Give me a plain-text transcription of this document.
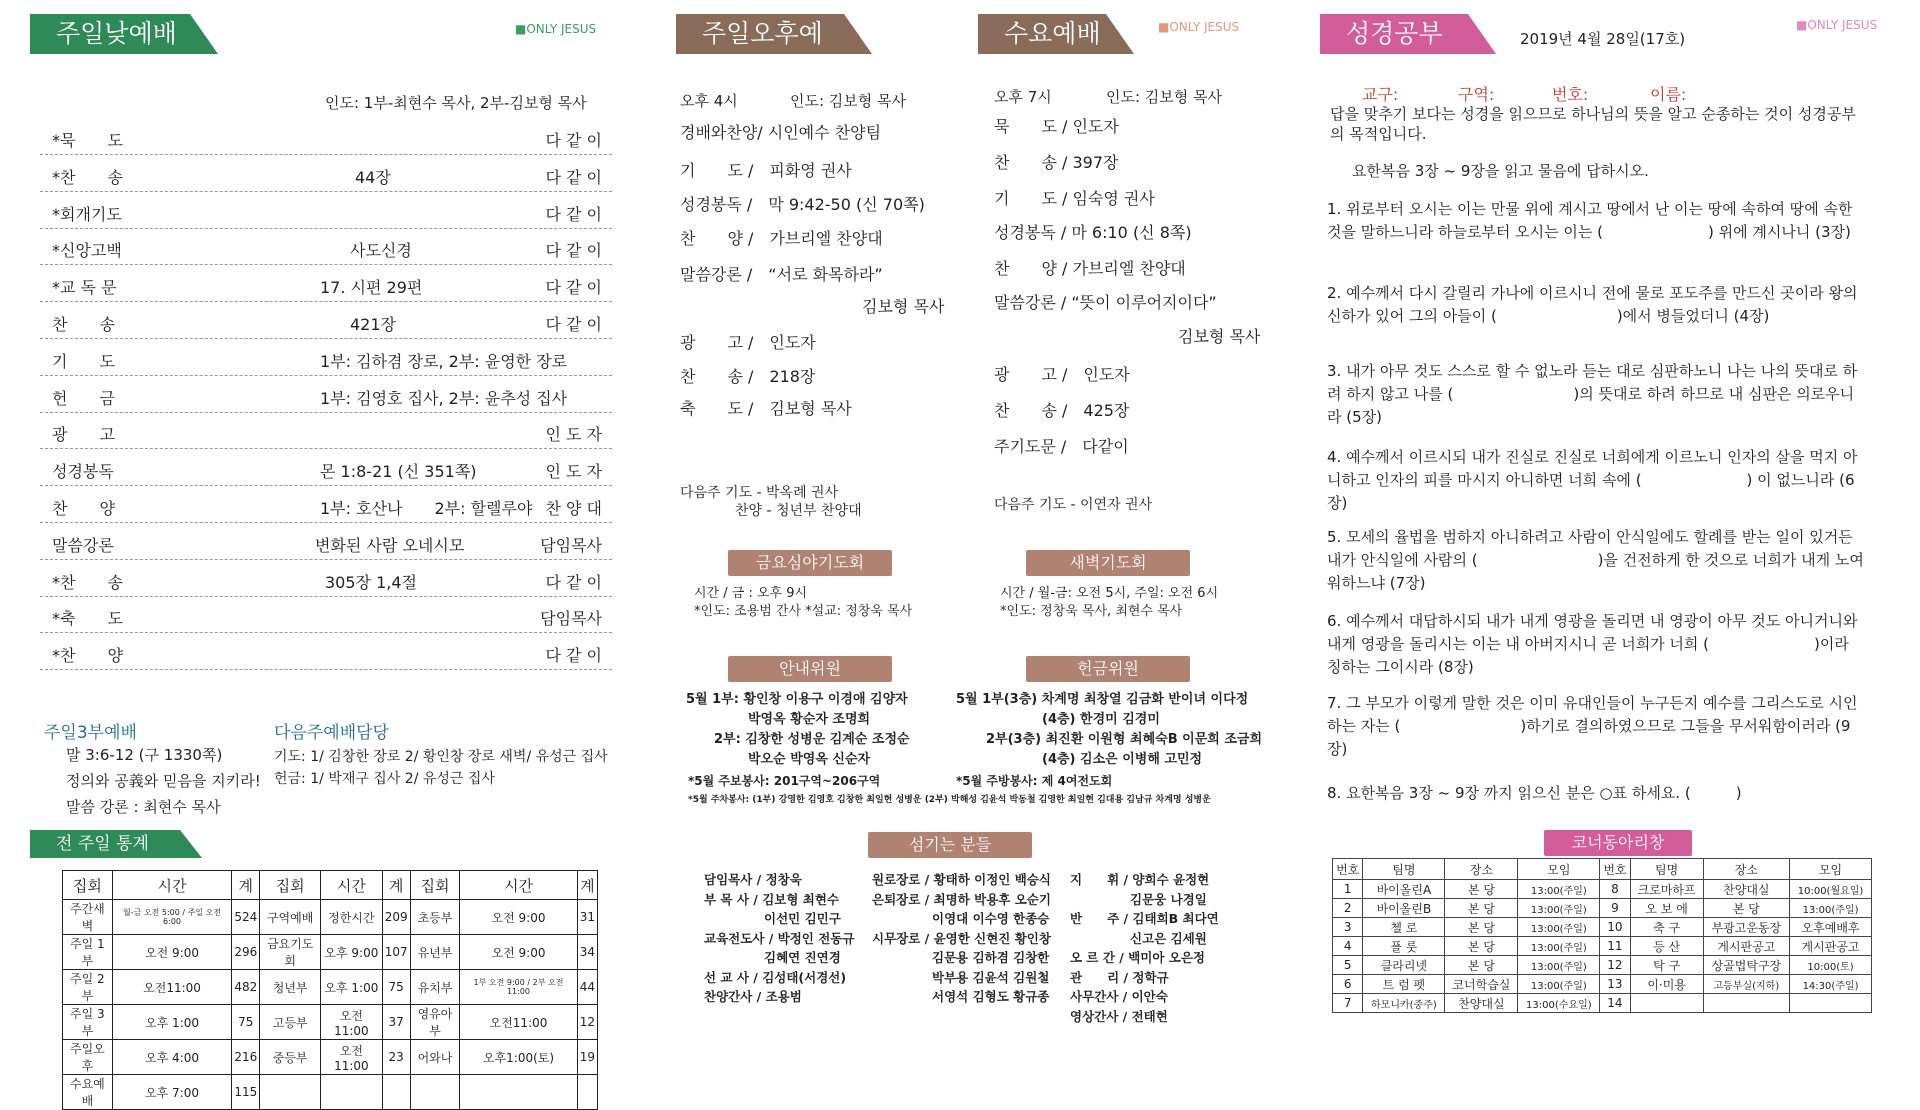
주일낮예배	■ONLY JESUS
인도: 1부-최현수 목사, 2부-김보형 목사
*묵　　도	다 같 이
*찬　　송	44장	다 같 이
*회개기도	다 같 이
*신앙고백	사도신경	다 같 이
*교 독 문	17. 시편 29편	다 같 이
찬　　송	421장	다 같 이
기　　도	1부: 김하겸 장로, 2부: 윤영한 장로
헌　　금	1부: 김영호 집사, 2부: 윤추성 집사
광　　고	인 도 자
성경봉독	몬 1:8-21 (신 351쪽)	인 도 자
찬　　양	1부: 호산나　　2부: 할렐루야 찬 양 대
말씀강론	변화된 사람 오네시모	담임목사
*찬　　송	305장 1,4절	다 같 이
*축　　도	담임목사
*찬　　양	다 같 이
주일3부예배
말 3:6-12 (구 1330쪽)
정의와 공義와 믿음을 지키라!
말씀 강론 : 최현수 목사
다음주예배담당
기도: 1/ 김창한 장로 2/ 황인창 장로 새벽/ 유성근 집사
헌금: 1/ 박재구 집사 2/ 유성근 집사
전 주일 통계
집회	시간	계	집회	시간	계	집회	시간	계
주간새벽	월-금 오전 5:00 / 주일 오전 6:00	524	구역예배	정한시간	209	초등부	오전 9:00	31
주일 1부	오전 9:00	296	금요기도회	오후 9:00	107	유년부	오전 9:00	34
주일 2부	오전11:00	482	청년부	오후 1:00	75	유치부	1부 오전 9:00 / 2부 오전 11:00	44
주일 3부	오후 1:00	75	고등부	오전11:00	37	영유아부	오전11:00	12
주일오후	오후 4:00	216	중등부	오전11:00	23	어와나	오후1:00(토)	19
수요예배	오후 7:00	115						
주일오후예배
오후 4시	인도: 김보형 목사
경배와찬양/ 시인예수 찬양팀
기　　도 /　피화영 권사
성경봉독 /　막 9:42-50 (신 70쪽)
찬　　양 /　가브리엘 찬양대
말씀강론 /　“서로 화목하라”
김보형 목사
광　　고 /　인도자
찬　　송 /　218장
축　　도 /　김보형 목사
다음주 기도 - 박옥례 권사
찬양 - 청년부 찬양대
수요예배	■ONLY JESUS
오후 7시	인도: 김보형 목사
묵　　도 / 인도자
찬　　송 / 397장
기　　도 / 임숙영 권사
성경봉독 / 마 6:10 (신 8쪽)
찬　　양 / 가브리엘 찬양대
말씀강론 / “뜻이 이루어지이다”
김보형 목사
광　　고 /　인도자
찬　　송 /　425장
주기도문 /　다같이
다음주 기도 - 이연자 권사
금요심야기도회
시간 / 금 : 오후 9시
*인도: 조용범 간사 *설교: 정창욱 목사
새벽기도회
시간 / 월-금: 오전 5시, 주일: 오전 6시
*인도: 정창욱 목사, 최현수 목사
안내위원
5월 1부: 황인창 이용구 이경애 김양자
박영옥 황순자 조명희
2부: 김창한 성병운 김계순 조정순
박오순 박영옥 신순자
*5월 주보봉사: 201구역~206구역
*5월 주차봉사: (1부) 강영한 김영호 김창한 최일현 성병운 (2부) 박해성 김윤석 박동철 김영한 최일현 김대용 김남규 차계명 성병운
헌금위원
5월 1부(3층) 차계명 최창열 김금화 반이녀 이다정
(4층) 한경미 김경미
2부(3층) 최진환 이원형 최혜숙B 이문희 조금희
(4층) 김소은 이병해 고민정
*5월 주방봉사: 제 4여전도회
섬기는 분들
담임목사 / 정창욱
부 목 사 / 김보형 최현수
이선민 김민구
교육전도사 / 박정인 전동규
김혜연 진연경
선 교 사 / 김성태(서경선)
찬양간사 / 조용범
원로장로 / 황태하 이정인 백승식
은퇴장로 / 최명하 박용후 오순기
이영대 이수영 한종승
시무장로 / 윤영한 신현진 황인창
김문용 김하겸 김창한
박부용 김윤석 김원철
서영석 김형도 황규종
지　　휘 / 양희수 윤정현
김문웅 나경일
반　　주 / 김태희B 최다연
신고은 김세원
오 르 간 / 백미아 오은정
관　　리 / 정학규
사무간사 / 이안숙
영상간사 / 전태현
성경공부	2019년 4월 28일(17호)
■ONLY JESUS
교구:	구역:	번호:	이름:
답을 맞추기 보다는 성경을 읽으므로 하나님의 뜻을 알고 순종하는 것이 성경공부의 목적입니다.
요한복음 3장 ~ 9장을 읽고 물음에 답하시오.
1. 위로부터 오시는 이는 만물 위에 계시고 땅에서 난 이는 땅에 속하여 땅에 속한 것을 말하느니라 하늘로부터 오시는 이는 (　　　　　　　) 위에 계시나니 (3장)
2. 예수께서 다시 갈릴리 가나에 이르시니 전에 물로 포도주를 만드신 곳이라 왕의 신하가 있어 그의 아들이 (　　　　　　　　)에서 병들었더니 (4장)
3. 내가 아무 것도 스스로 할 수 없노라 듣는 대로 심판하노니 나는 나의 뜻대로 하려 하지 않고 나를 (　　　　　　　　)의 뜻대로 하려 하므로 내 심판은 의로우니라 (5장)
4. 예수께서 이르시되 내가 진실로 진실로 너희에게 이르노니 인자의 살을 먹지 아니하고 인자의 피를 마시지 아니하면 너희 속에 (　　　　　　　) 이 없느니라 (6장)
5. 모세의 율법을 범하지 아니하려고 사람이 안식일에도 할례를 받는 일이 있거든 내가 안식일에 사람의 (　　　　　　　　)을 건전하게 한 것으로 너희가 내게 노여워하느냐 (7장)
6. 예수께서 대답하시되 내가 내게 영광을 돌리면 내 영광이 아무 것도 아니거니와 내게 영광을 돌리시는 이는 내 아버지시니 곧 너희가 너희 (　　　　　　　)이라 칭하는 그이시라 (8장)
7. 그 부모가 이렇게 말한 것은 이미 유대인들이 누구든지 예수를 그리스도로 시인하는 자는 (　　　　　　　　)하기로 결의하였으므로 그들을 무서워함이러라 (9장)
8. 요한복음 3장 ~ 9장 까지 읽으신 분은 ○표 하세요. (　　　)
코너동아리창
번호	팀명	장소	모임	번호	팀명	장소	모임
1	바이올린A	본 당	13:00(주일)	8	크로마하프	찬양대실	10:00(월요일)
2	바이올린B	본 당	13:00(주일)	9	오 보 에	본 당	13:00(주일)
3	첼 로	본 당	13:00(주일)	10	축 구	부광고운동장	오후예배후
4	플 룻	본 당	13:00(주일)	11	등 산	게시판공고	게시판공고
5	클라리넷	본 당	13:00(주일)	12	탁 구	상골법탁구장	10:00(토)
6	트 럼 펫	코너학습실	13:00(주일)	13	이·미용	고등부실(지하)	14:30(주일)
7	하모니카(중주)	찬양대실	13:00(수요일)	14			
